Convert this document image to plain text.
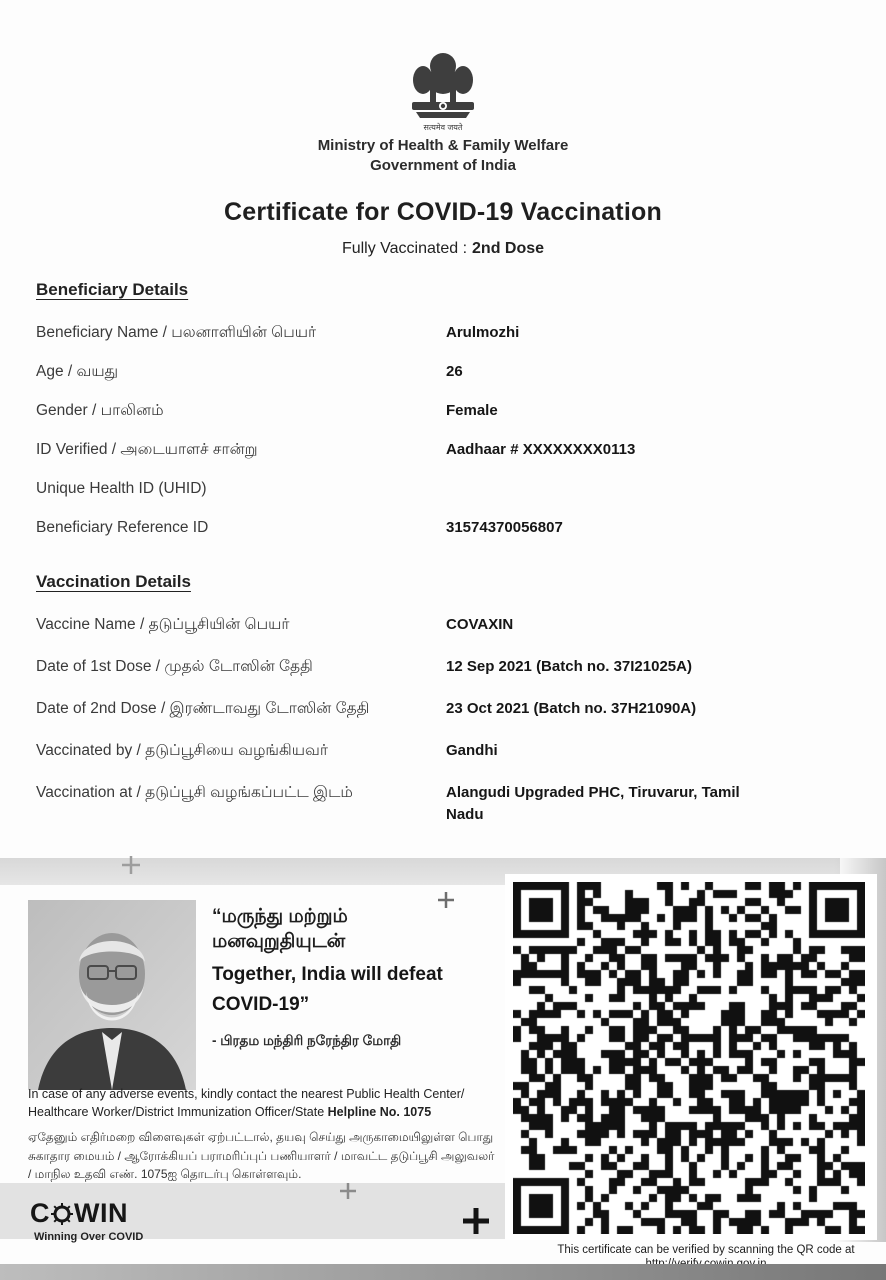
सत्यमेव जयते
Ministry of Health & Family Welfare
Government of India
Certificate for COVID-19 Vaccination
Fully Vaccinated : 2nd Dose
Beneficiary Details
Beneficiary Name / பலனாளியின் பெயர்	Arulmozhi
Age / வயது	26
Gender / பாலினம்	Female
ID Verified / அடையாளச் சான்று	Aadhaar # XXXXXXXX0113
Unique Health ID (UHID)
Beneficiary Reference ID	31574370056807
Vaccination Details
Vaccine Name / தடுப்பூசியின் பெயர்	COVAXIN
Date of 1st Dose / முதல் டோஸின் தேதி	12 Sep 2021 (Batch no. 37I21025A)
Date of 2nd Dose / இரண்டாவது டோஸின் தேதி	23 Oct 2021 (Batch no. 37H21090A)
Vaccinated by / தடுப்பூசியை வழங்கியவர்	Gandhi
Vaccination at / தடுப்பூசி வழங்கப்பட்ட இடம்	Alangudi Upgraded PHC, Tiruvarur, Tamil Nadu
“மருந்து மற்றும்
மனவுறுதியுடன்
Together, India will defeat
COVID-19”
- பிரதம மந்திரி நரேந்திர மோதி
In case of any adverse events, kindly contact the nearest Public Health Center/ Healthcare Worker/District Immunization Officer/State Helpline No. 1075
ஏதேனும் எதிர்மறை விளைவுகள் ஏற்பட்டால், தயவு செய்து அருகாமையிலுள்ள பொது சுகாதார மையம் / ஆரோக்கியப் பராமரிப்புப் பணியாளர் / மாவட்ட தடுப்பூசி அலுவலர் / மாநில உதவி எண். 1075ஐ தொடர்பு கொள்ளவும்.
C WIN
Winning Over COVID
This certificate can be verified by scanning the QR code at
